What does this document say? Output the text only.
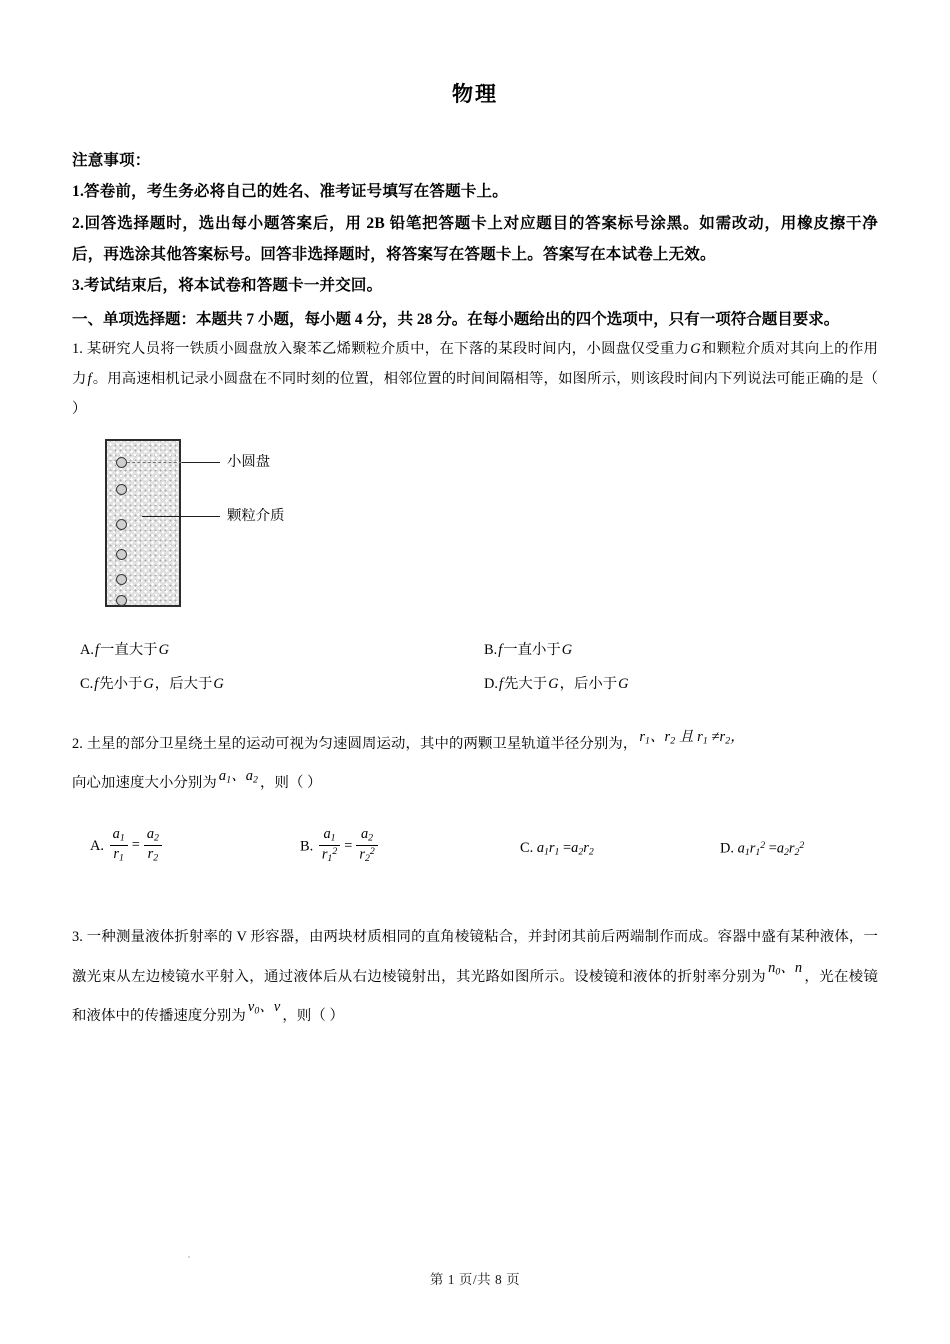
物理
注意事项：
1.答卷前，考生务必将自己的姓名、准考证号填写在答题卡上。
2.回答选择题时，选出每小题答案后，用 2B 铅笔把答题卡上对应题目的答案标号涂黑。如需改动，用橡皮擦干净后，再选涂其他答案标号。回答非选择题时，将答案写在答题卡上。答案写在本试卷上无效。
3.考试结束后，将本试卷和答题卡一并交回。
一、单项选择题：本题共 7 小题，每小题 4 分，共 28 分。在每小题给出的四个选项中，只有一项符合题目要求。
1. 某研究人员将一铁质小圆盘放入聚苯乙烯颗粒介质中，在下落的某段时间内，小圆盘仅受重力G和颗粒介质对其向上的作用力f。用高速相机记录小圆盘在不同时刻的位置，相邻位置的时间间隔相等，如图所示，则该段时间内下列说法可能正确的是（ ）
小圆盘
颗粒介质
A.f一直大于G	B.f一直小于G
C.f先小于G，后大于G	D.f先大于G，后小于G
2. 土星的部分卫星绕土星的运动可视为匀速圆周运动，其中的两颗卫星轨道半径分别为， $r_1$、$r_2$ 且 $r_1 \ne r_2$，
向心加速度大小分别为 $a_1$、$a_2$ ，则（ ）
A. $\frac{a_1}{r_1} = \frac{a_2}{r_2}$	B. $\frac{a_1}{r_1^2} = \frac{a_2}{r_2^2}$	C. $a_1r_1 =a_2r_2$	D. $a_1r_1^2 =a_2r_2^2$
3. 一种测量液体折射率的 V 形容器，由两块材质相同的直角棱镜粘合，并封闭其前后两端制作而成。容器中盛有某种液体，一激光束从左边棱镜水平射入，通过液体后从右边棱镜射出，其光路如图所示。设棱镜和液体的折射率分别为$n_0$、n，光在棱镜和液体中的传播速度分别为$v_0$、v，则（ ）
第 1 页/共 8 页
